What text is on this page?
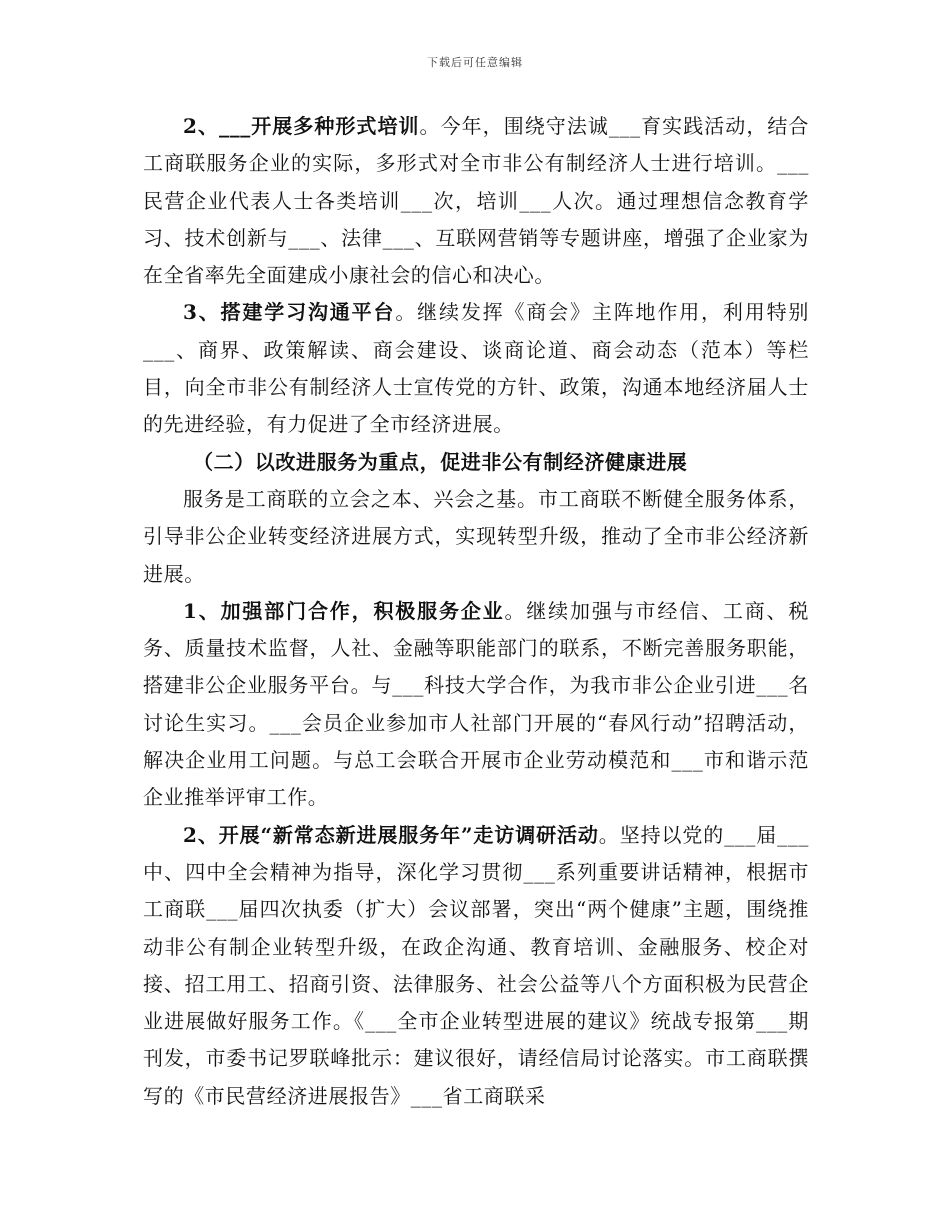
下载后可任意编辑

2、___开展多种形式培训。今年，围绕守法诚___育实践活动，结合工商联服务企业的实际，多形式对全市非公有制经济人士进行培训。___民营企业代表人士各类培训___次，培训___人次。通过理想信念教育学习、技术创新与___、法律___、互联网营销等专题讲座，增强了企业家为在全省率先全面建成小康社会的信心和决心。

3、搭建学习沟通平台。继续发挥《商会》主阵地作用，利用特别___、商界、政策解读、商会建设、谈商论道、商会动态（范本）等栏目，向全市非公有制经济人士宣传党的方针、政策，沟通本地经济届人士的先进经验，有力促进了全市经济进展。

（二）以改进服务为重点，促进非公有制经济健康进展

服务是工商联的立会之本、兴会之基。市工商联不断健全服务体系，引导非公企业转变经济进展方式，实现转型升级，推动了全市非公经济新进展。

1、加强部门合作，积极服务企业。继续加强与市经信、工商、税务、质量技术监督，人社、金融等职能部门的联系，不断完善服务职能，搭建非公企业服务平台。与___科技大学合作，为我市非公企业引进___名讨论生实习。___会员企业参加市人社部门开展的“春风行动”招聘活动，解决企业用工问题。与总工会联合开展市企业劳动模范和___市和谐示范企业推举评审工作。

2、开展“新常态新进展服务年”走访调研活动。坚持以党的___届___中、四中全会精神为指导，深化学习贯彻___系列重要讲话精神，根据市工商联___届四次执委（扩大）会议部署，突出“两个健康”主题，围绕推动非公有制企业转型升级，在政企沟通、教育培训、金融服务、校企对接、招工用工、招商引资、法律服务、社会公益等八个方面积极为民营企业进展做好服务工作。《___全市企业转型进展的建议》统战专报第___期刊发，市委书记罗联峰批示：建议很好，请经信局讨论落实。市工商联撰写的《市民营经济进展报告》___省工商联采
